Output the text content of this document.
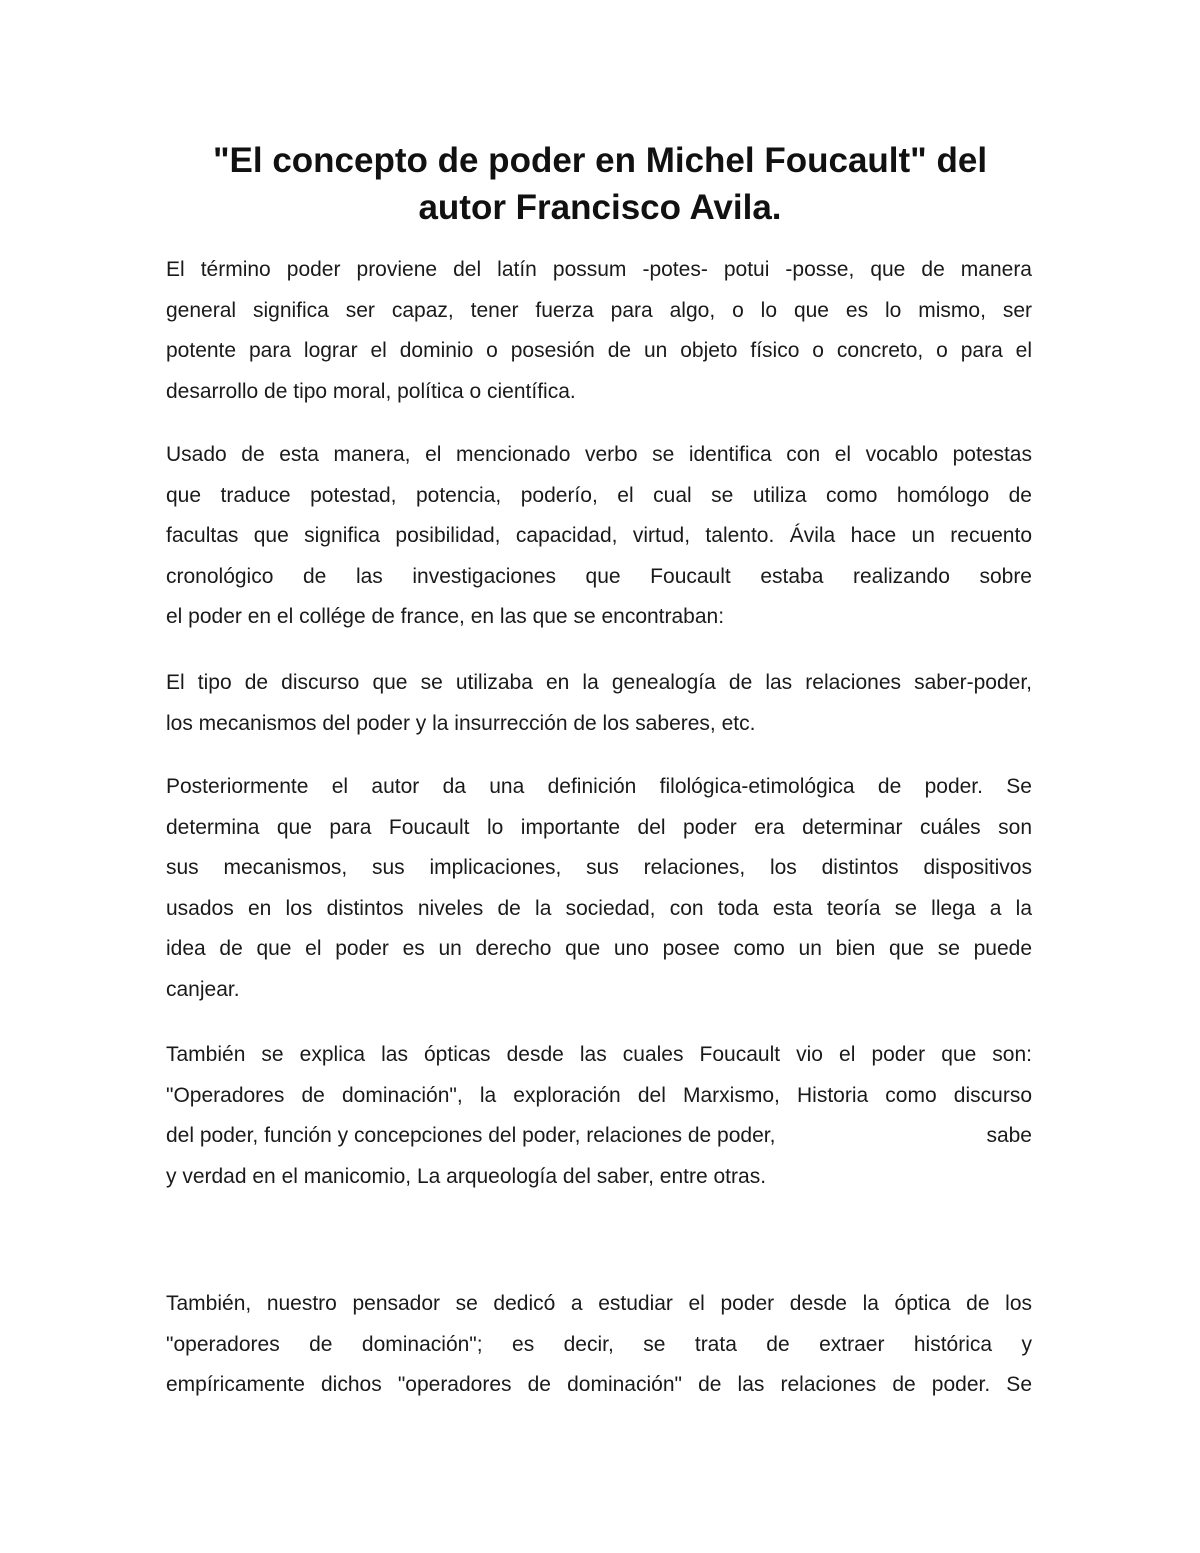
"El concepto de poder en Michel Foucault" del
autor Francisco Avila.
El término poder proviene del latín possum -potes- potui -posse, que de manera
general significa ser capaz, tener fuerza para algo, o lo que es lo mismo, ser
potente para lograr el dominio o posesión de un objeto físico o concreto, o para el
desarrollo de tipo moral, política o científica.
Usado de esta manera, el mencionado verbo se identifica con el vocablo potestas
que traduce potestad, potencia, poderío, el cual se utiliza como homólogo de
facultas que significa posibilidad, capacidad, virtud, talento. Ávila hace un recuento
cronológico de las investigaciones que Foucault estaba realizando sobre
el poder en el collége de france, en las que se encontraban:
El tipo de discurso que se utilizaba en la genealogía de las relaciones saber-poder,
los mecanismos del poder y la insurrección de los saberes, etc.
Posteriormente el autor da una definición filológica-etimológica de poder. Se
determina que para Foucault lo importante del poder era determinar cuáles son
sus mecanismos, sus implicaciones, sus relaciones, los distintos dispositivos
usados en los distintos niveles de la sociedad, con toda esta teoría se llega a la
idea de que el poder es un derecho que uno posee como un bien que se puede
canjear.
También se explica las ópticas desde las cuales Foucault vio el poder que son:
"Operadores de dominación", la exploración del Marxismo, Historia como discurso
del poder, función y concepciones del poder, relaciones de poder,	sabe
y verdad en el manicomio, La arqueología del saber, entre otras.
También, nuestro pensador se dedicó a estudiar el poder desde la óptica de los
"operadores de dominación"; es decir, se trata de extraer histórica y
empíricamente dichos "operadores de dominación" de las relaciones de poder. Se
